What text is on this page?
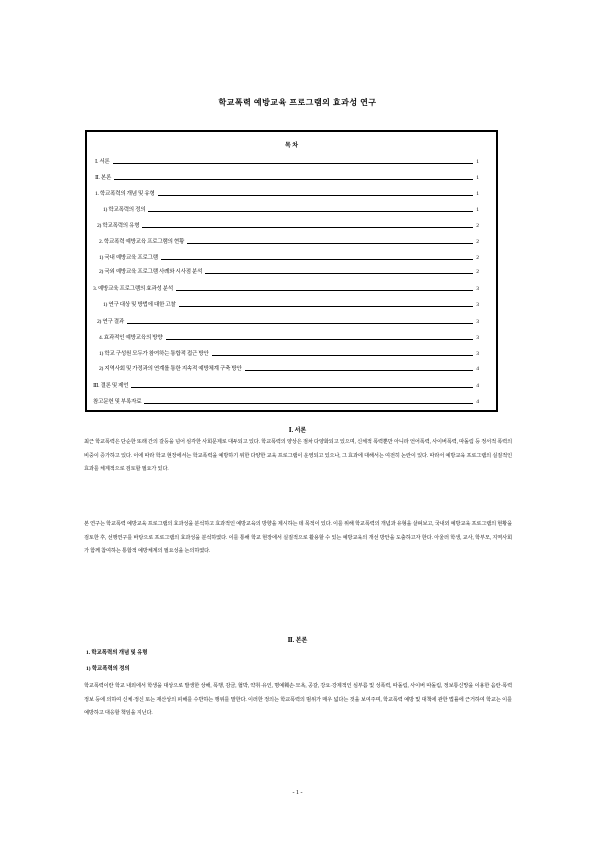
학교폭력 예방교육 프로그램의 효과성 연구
목 차
Ⅰ. 서론	1
Ⅱ. 본론	1
1. 학교폭력의 개념 및 유형	1
1) 학교폭력의 정의	1
2) 학교폭력의 유형	2
2. 학교폭력 예방교육 프로그램의 현황	2
1) 국내 예방교육 프로그램	2
2) 국외 예방교육 프로그램 사례와 시사점 분석	2
3. 예방교육 프로그램의 효과성 분석	3
1) 연구 대상 및 방법에 대한 고찰	3
2) 연구 결과	3
4. 효과적인 예방교육의 방향	3
1) 학교 구성원 모두가 참여하는 통합적 접근 방안	3
2) 지역사회 및 가정과의 연계를 통한 지속적 예방체계 구축 방안	4
Ⅲ. 결론 및 제언	4
참고문헌 및 부록자료	4
Ⅰ. 서론

최근 학교폭력은 단순한 또래 간의 갈등을 넘어 심각한 사회문제로 대두되고 있다. 학교폭력의 양상은 점차 다양화되고 있으며, 신체적 폭력뿐만 아니라 언어폭력, 사이버폭력, 따돌림 등 정서적 폭력의 비중이 증가하고 있다. 이에 따라 학교 현장에서는 학교폭력을 예방하기 위한 다양한 교육 프로그램이 운영되고 있으나, 그 효과에 대해서는 여전히 논란이 있다. 따라서 예방교육 프로그램의 실질적인 효과를 체계적으로 검토할 필요가 있다.

본 연구는 학교폭력 예방교육 프로그램의 효과성을 분석하고 효과적인 예방교육의 방향을 제시하는 데 목적이 있다. 이를 위해 학교폭력의 개념과 유형을 살펴보고, 국내외 예방교육 프로그램의 현황을 검토한 후, 선행연구를 바탕으로 프로그램의 효과성을 분석하였다. 이를 통해 학교 현장에서 실질적으로 활용할 수 있는 예방교육의 개선 방안을 도출하고자 한다. 아울러 학생, 교사, 학부모, 지역사회가 함께 참여하는 통합적 예방체계의 필요성을 논의하였다.

Ⅱ. 본론
1. 학교폭력의 개념 및 유형
1) 학교폭력의 정의

학교폭력이란 학교 내외에서 학생을 대상으로 발생한 상해, 폭행, 감금, 협박, 약취·유인, 명예훼손·모욕, 공갈, 강요·강제적인 심부름 및 성폭력, 따돌림, 사이버 따돌림, 정보통신망을 이용한 음란·폭력 정보 등에 의하여 신체·정신 또는 재산상의 피해를 수반하는 행위를 말한다. 이러한 정의는 학교폭력의 범위가 매우 넓다는 것을 보여주며, 학교폭력 예방 및 대책에 관한 법률에 근거하여 학교는 이를 예방하고 대응할 책임을 지닌다.

- 1 -
